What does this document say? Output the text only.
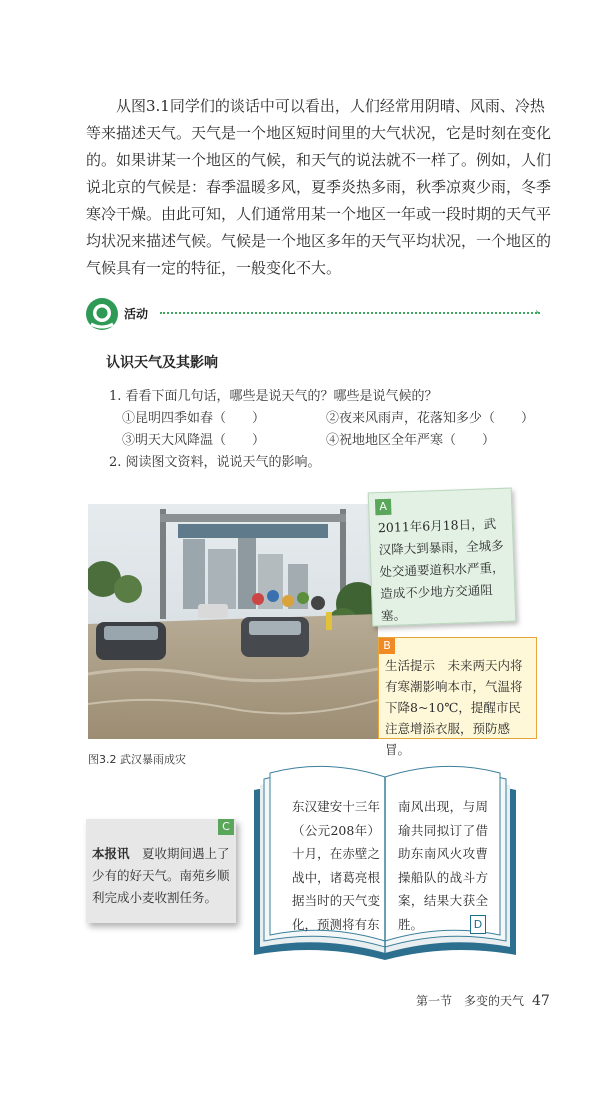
从图3.1同学们的谈话中可以看出，人们经常用阴晴、风雨、冷热等来描述天气。天气是一个地区短时间里的大气状况，它是时刻在变化的。 如果讲某一个地区的气候，和天气的说法就不一样了。例如，人们说北京的气候是：春季温暖多风，夏季炎热多雨，秋季凉爽少雨，冬季寒冷干燥。由此可知，人们通常用某一个地区一年或一段时期的天气平均状况来描述气候。气候是一个地区多年的天气平均状况，一个地区的气候具有一定的特征，一般变化不大。

活动	›
认识天气及其影响
1. 看看下面几句话，哪些是说天气的？哪些是说气候的？
①昆明四季如春（　　）	②夜来风雨声，花落知多少（　　）
③明天大风降温（　　）	④祝地地区全年严寒（　　）
2. 阅读图文资料，说说天气的影响。
图3.2 武汉暴雨成灾
A
2011年6月18日，武汉降大到暴雨，全城多处交通要道积水严重，造成不少地方交通阻塞。
B
生活提示　未来两天内将有寒潮影响本市，气温将下降8~10℃，提醒市民注意增添衣服，预防感冒。
C
本报讯　夏收期间遇上了少有的好天气。南苑乡顺利完成小麦收割任务。
东汉建安十三年（公元208年）十月，在赤壁之战中，诸葛亮根据当时的天气变化，预测将有东
南风出现，与周瑜共同拟订了借助东南风火攻曹操船队的战斗方案，结果大获全胜。	D
第一节　多变的天气 47
